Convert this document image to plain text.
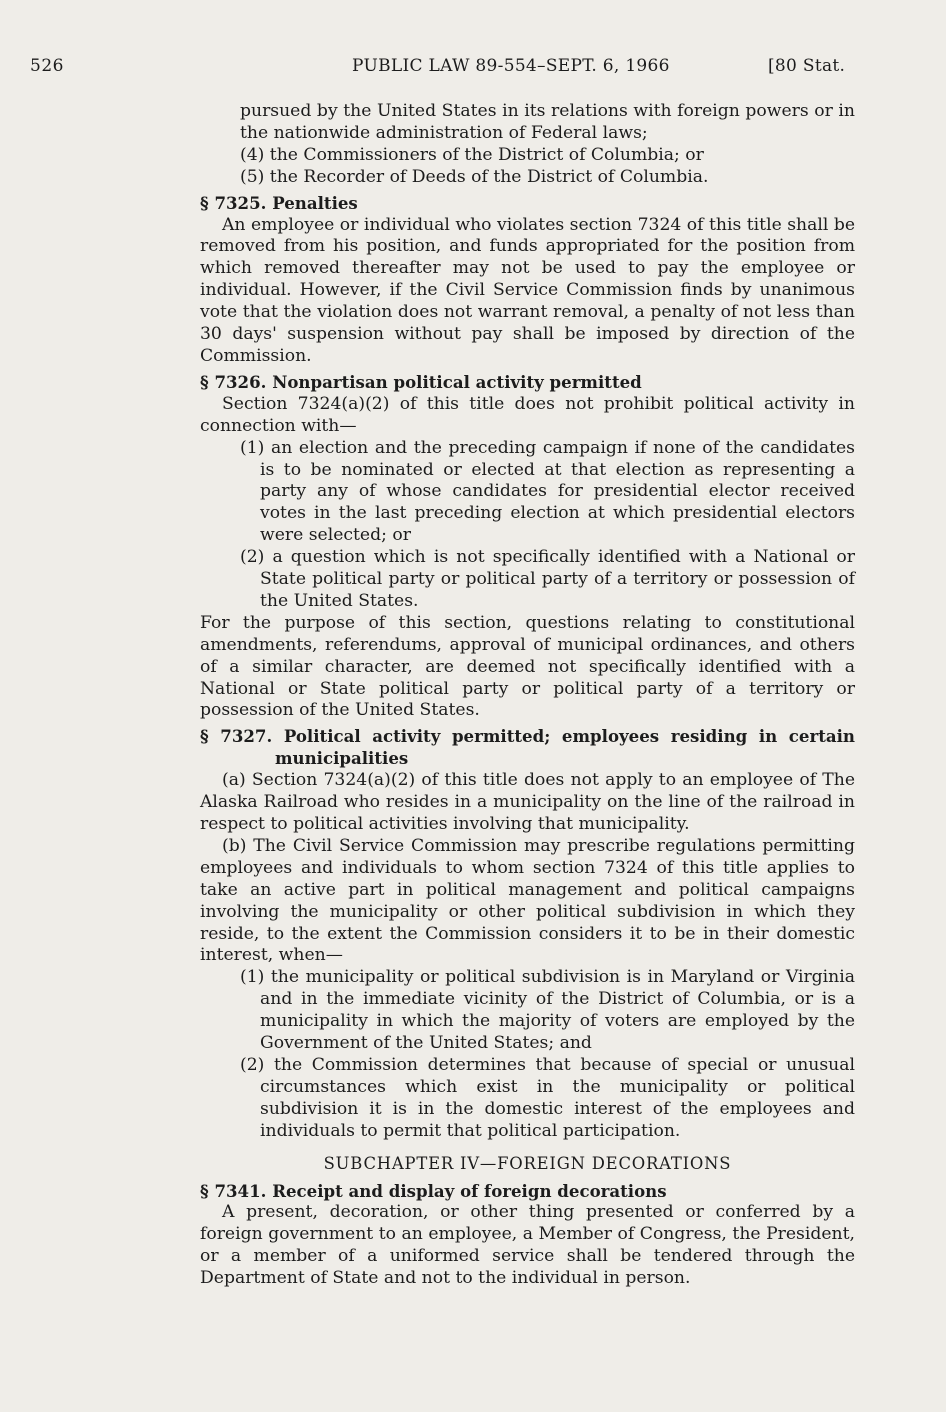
526	PUBLIC LAW 89-554–SEPT. 6, 1966	[80 Stat.

pursued by the United States in its relations with foreign powers or in the nationwide administration of Federal laws;

(4) the Commissioners of the District of Columbia; or

(5) the Recorder of Deeds of the District of Columbia.

§ 7325. Penalties

An employee or individual who violates section 7324 of this title shall be removed from his position, and funds appropriated for the position from which removed thereafter may not be used to pay the employee or individual. However, if the Civil Service Commission finds by unanimous vote that the violation does not warrant removal, a penalty of not less than 30 days' suspension without pay shall be imposed by direction of the Commission.

§ 7326. Nonpartisan political activity permitted

Section 7324(a)(2) of this title does not prohibit political activity in connection with—

(1) an election and the preceding campaign if none of the candidates is to be nominated or elected at that election as representing a party any of whose candidates for presidential elector received votes in the last preceding election at which presidential electors were selected; or

(2) a question which is not specifically identified with a National or State political party or political party of a territory or possession of the United States.

For the purpose of this section, questions relating to constitutional amendments, referendums, approval of municipal ordinances, and others of a similar character, are deemed not specifically identified with a National or State political party or political party of a territory or possession of the United States.

§ 7327. Political activity permitted; employees residing in certain municipalities

(a) Section 7324(a)(2) of this title does not apply to an employee of The Alaska Railroad who resides in a municipality on the line of the railroad in respect to political activities involving that municipality.

(b) The Civil Service Commission may prescribe regulations permitting employees and individuals to whom section 7324 of this title applies to take an active part in political management and political campaigns involving the municipality or other political subdivision in which they reside, to the extent the Commission considers it to be in their domestic interest, when—

(1) the municipality or political subdivision is in Maryland or Virginia and in the immediate vicinity of the District of Columbia, or is a municipality in which the majority of voters are employed by the Government of the United States; and

(2) the Commission determines that because of special or unusual circumstances which exist in the municipality or political subdivision it is in the domestic interest of the employees and individuals to permit that political participation.

SUBCHAPTER IV—FOREIGN DECORATIONS

§ 7341. Receipt and display of foreign decorations

A present, decoration, or other thing presented or conferred by a foreign government to an employee, a Member of Congress, the President, or a member of a uniformed service shall be tendered through the Department of State and not to the individual in person.
